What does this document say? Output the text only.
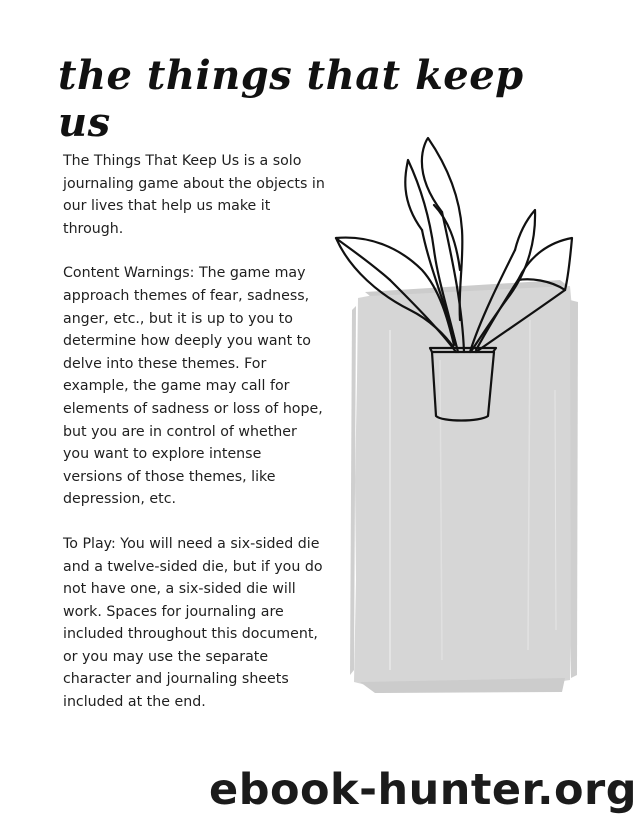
the things that keep us

The Things That Keep Us is a solo journaling game about the objects in our lives that help us make it through.

Content Warnings: The game may approach themes of fear, sadness, anger, etc., but it is up to you to determine how deeply you want to delve into these themes. For example, the game may call for elements of sadness or loss of hope, but you are in control of whether you want to explore intense versions of those themes, like depression, etc.

To Play: You will need a six-sided die and a twelve-sided die, but if you do not have one, a six-sided die will work. Spaces for journaling are included throughout this document, or you may use the separate character and journaling sheets included at the end.

ebook-hunter.org
